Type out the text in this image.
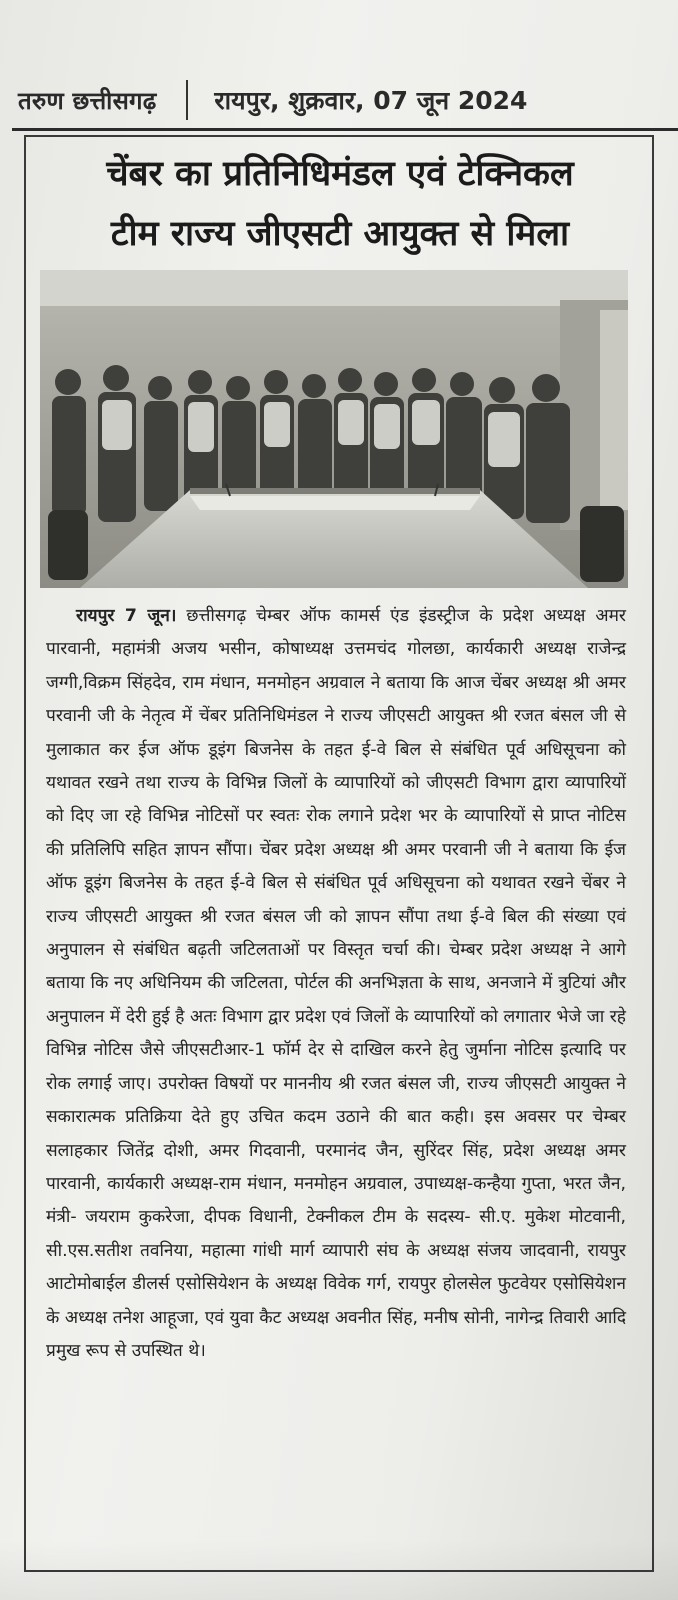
तरुण छत्तीसगढ़ रायपुर, शुक्रवार, 07 जून 2024
चेंबर का प्रतिनिधिमंडल एवं टेक्निकल
टीम राज्य जीएसटी आयुक्त से मिला

रायपुर 7 जून। छत्तीसगढ़ चेम्बर ऑफ कामर्स एंड इंडस्ट्रीज के प्रदेश अध्यक्ष अमर पारवानी, महामंत्री अजय भसीन, कोषाध्यक्ष उत्तमचंद गोलछा, कार्यकारी अध्यक्ष राजेन्द्र जग्गी,विक्रम सिंहदेव, राम मंधान, मनमोहन अग्रवाल ने बताया कि आज चेंबर अध्यक्ष श्री अमर परवानी जी के नेतृत्व में चेंबर प्रतिनिधिमंडल ने राज्य जीएसटी आयुक्त श्री रजत बंसल जी से मुलाकात कर ईज ऑफ डूइंग बिजनेस के तहत ई-वे बिल से संबंधित पूर्व अधिसूचना को यथावत रखने तथा राज्य के विभिन्न जिलों के व्यापारियों को जीएसटी विभाग द्वारा व्यापारियों को दिए जा रहे विभिन्न नोटिसों पर स्वतः रोक लगाने प्रदेश भर के व्यापारियों से प्राप्त नोटिस की प्रतिलिपि सहित ज्ञापन सौंपा। चेंबर प्रदेश अध्यक्ष श्री अमर परवानी जी ने बताया कि ईज ऑफ डूइंग बिजनेस के तहत ई-वे बिल से संबंधित पूर्व अधिसूचना को यथावत रखने चेंबर ने राज्य जीएसटी आयुक्त श्री रजत बंसल जी को ज्ञापन सौंपा तथा ई-वे बिल की संख्या एवं अनुपालन से संबंधित बढ़ती जटिलताओं पर विस्तृत चर्चा की। चेम्बर प्रदेश अध्यक्ष ने आगे बताया कि नए अधिनियम की जटिलता, पोर्टल की अनभिज्ञता के साथ, अनजाने में त्रुटियां और अनुपालन में देरी हुई है अतः विभाग द्वार प्रदेश एवं जिलों के व्यापारियों को लगातार भेजे जा रहे विभिन्न नोटिस जैसे जीएसटीआर-1 फॉर्म देर से दाखिल करने हेतु जुर्माना नोटिस इत्यादि पर रोक लगाई जाए। उपरोक्त विषयों पर माननीय श्री रजत बंसल जी, राज्य जीएसटी आयुक्त ने सकारात्मक प्रतिक्रिया देते हुए उचित कदम उठाने की बात कही। इस अवसर पर चेम्बर सलाहकार जितेंद्र दोशी, अमर गिदवानी, परमानंद जैन, सुरिंदर सिंह, प्रदेश अध्यक्ष अमर पारवानी, कार्यकारी अध्यक्ष-राम मंधान, मनमोहन अग्रवाल, उपाध्यक्ष-कन्हैया गुप्ता, भरत जैन, मंत्री- जयराम कुकरेजा, दीपक विधानी, टेक्नीकल टीम के सदस्य- सी.ए. मुकेश मोटवानी, सी.एस.सतीश तवनिया, महात्मा गांधी मार्ग व्यापारी संघ के अध्यक्ष संजय जादवानी, रायपुर आटोमोबाईल डीलर्स एसोसियेशन के अध्यक्ष विवेक गर्ग, रायपुर होलसेल फुटवेयर एसोसियेशन के अध्यक्ष तनेश आहूजा, एवं युवा कैट अध्यक्ष अवनीत सिंह, मनीष सोनी, नागेन्द्र तिवारी आदि प्रमुख रूप से उपस्थित थे।
